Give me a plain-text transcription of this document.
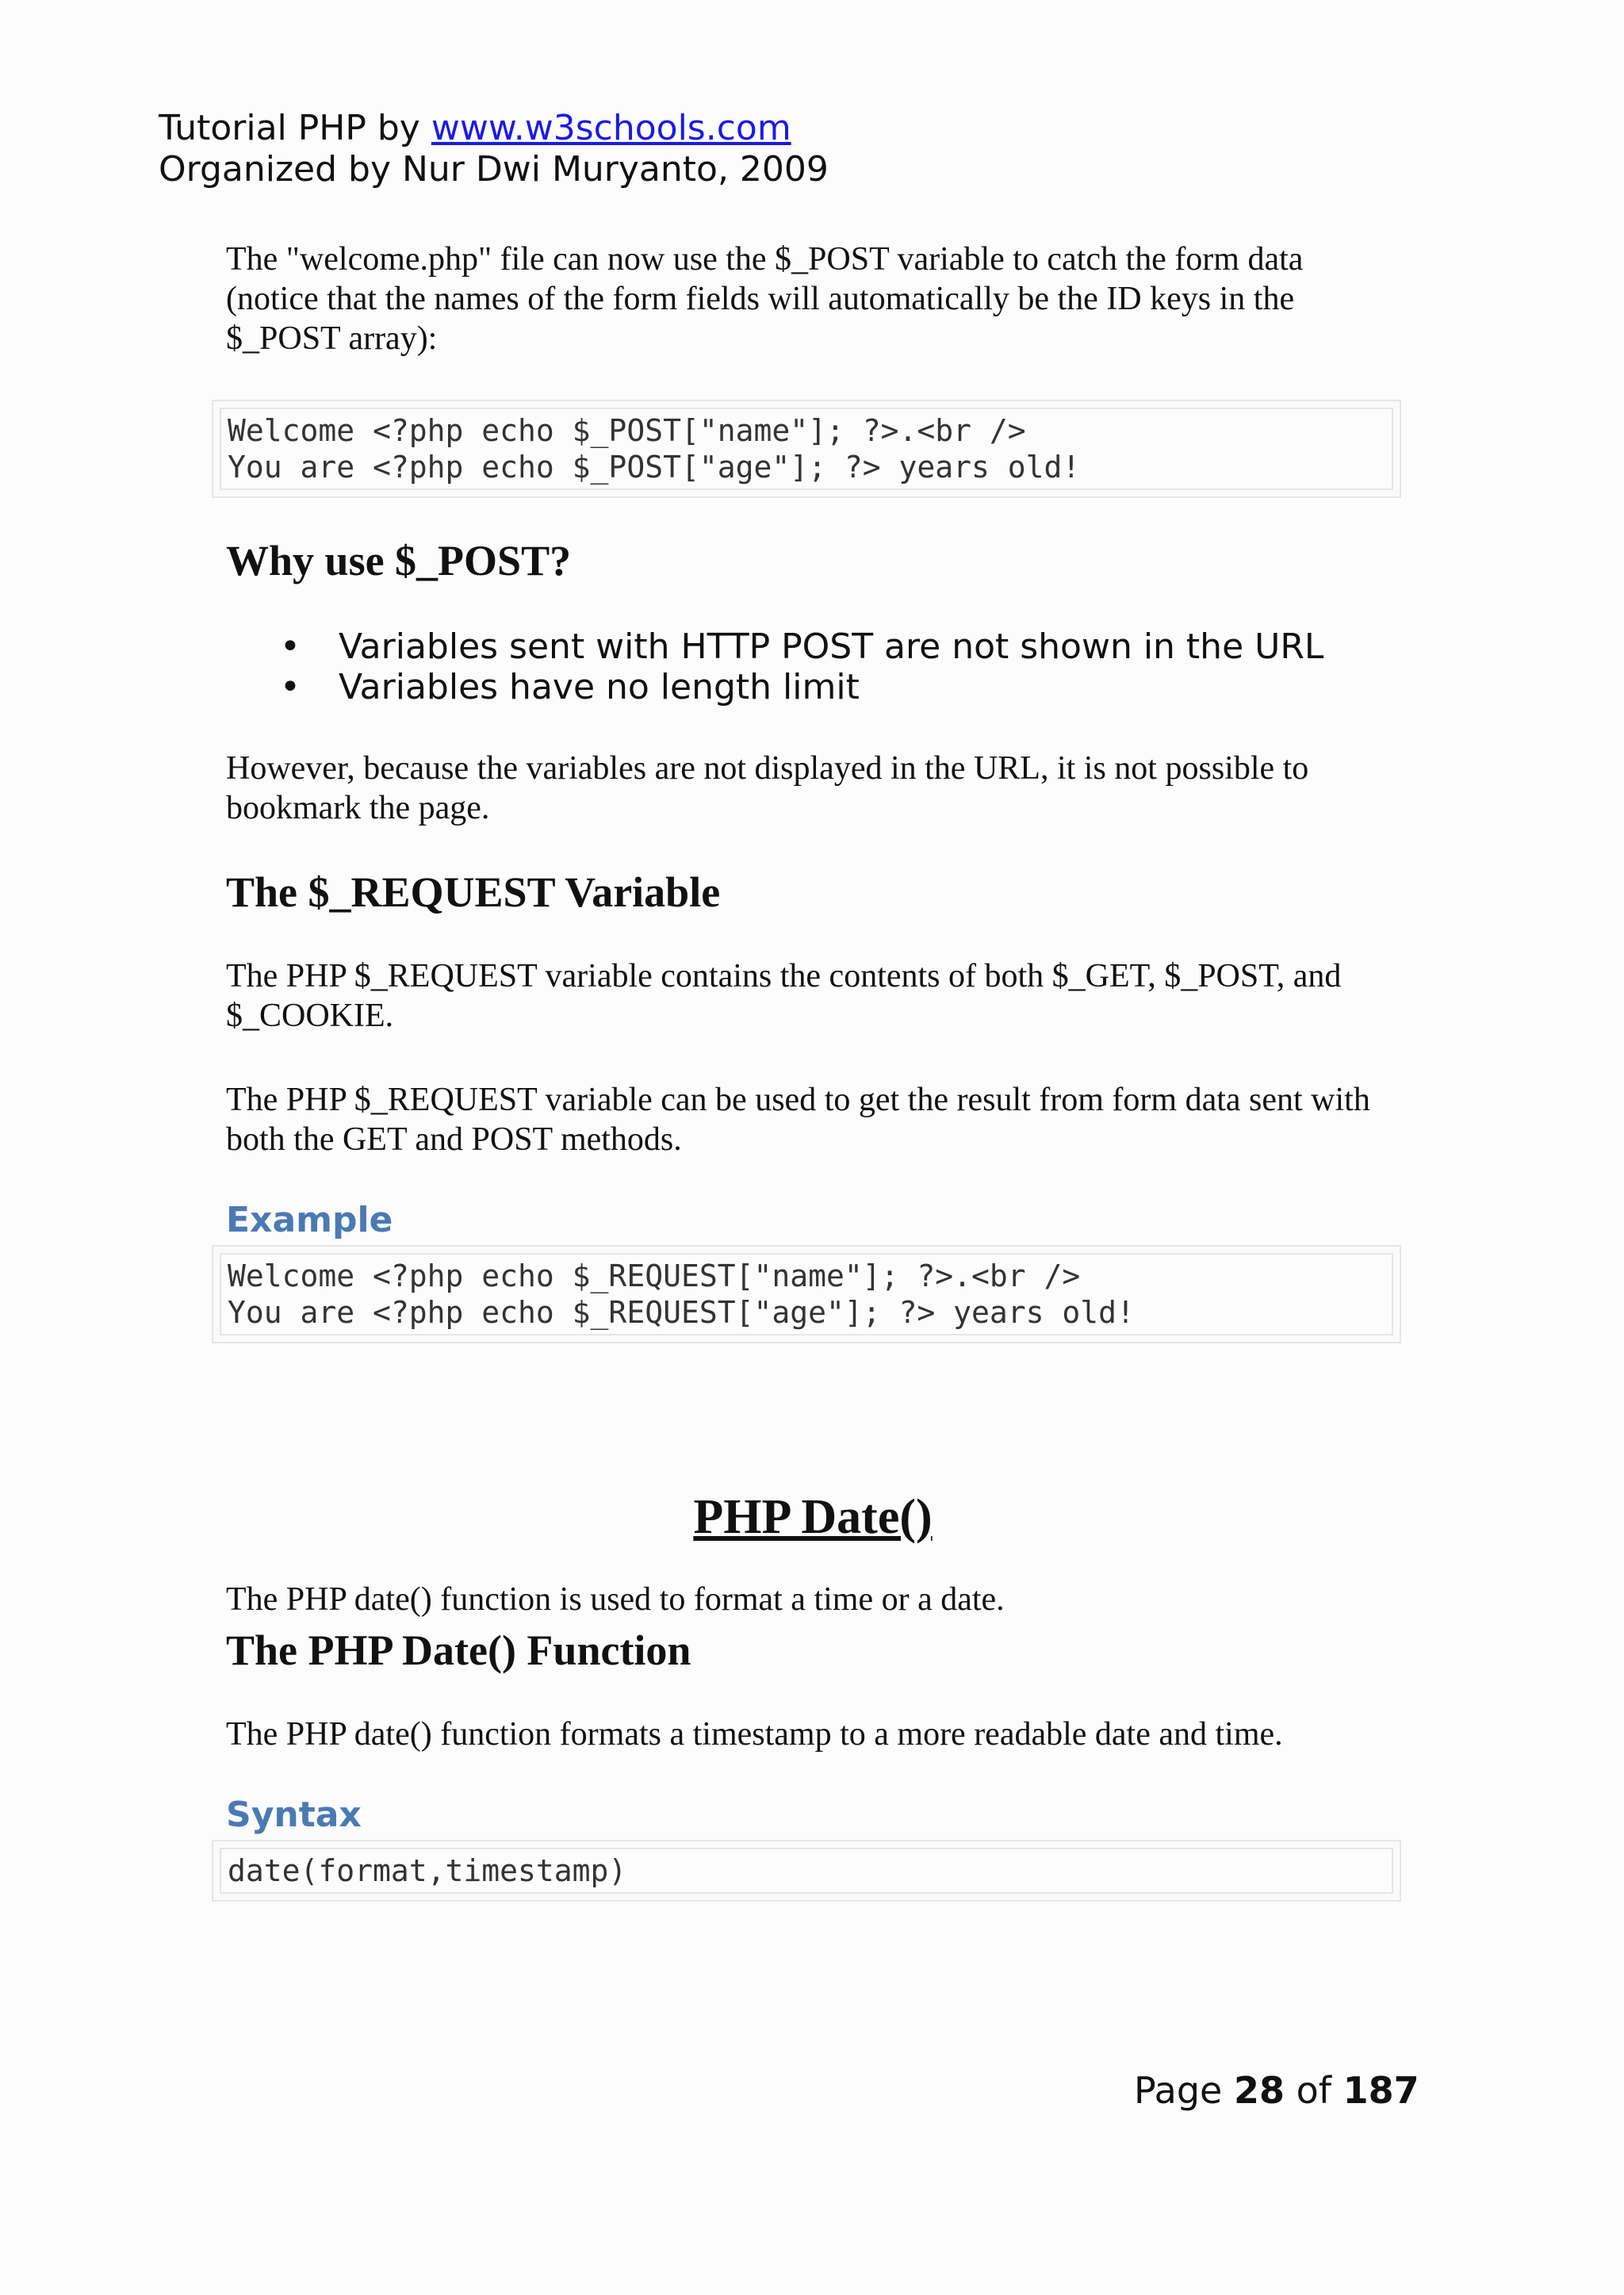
Tutorial PHP by www.w3schools.com
Organized by Nur Dwi Muryanto, 2009

The "welcome.php" file can now use the $_POST variable to catch the form data (notice that the names of the form fields will automatically be the ID keys in the $_POST array):

Welcome <?php echo $_POST["name"]; ?>.<br />
You are <?php echo $_POST["age"]; ?> years old!
Why use $_POST?
• Variables sent with HTTP POST are not shown in the URL
• Variables have no length limit

However, because the variables are not displayed in the URL, it is not possible to bookmark the page.

The $_REQUEST Variable

The PHP $_REQUEST variable contains the contents of both $_GET, $_POST, and $_COOKIE.

The PHP $_REQUEST variable can be used to get the result from form data sent with both the GET and POST methods.

Example
Welcome <?php echo $_REQUEST["name"]; ?>.<br />
You are <?php echo $_REQUEST["age"]; ?> years old!
PHP Date()

The PHP date() function is used to format a time or a date.

The PHP Date() Function

The PHP date() function formats a timestamp to a more readable date and time.

Syntax
date(format,timestamp)
Page 28 of 187
